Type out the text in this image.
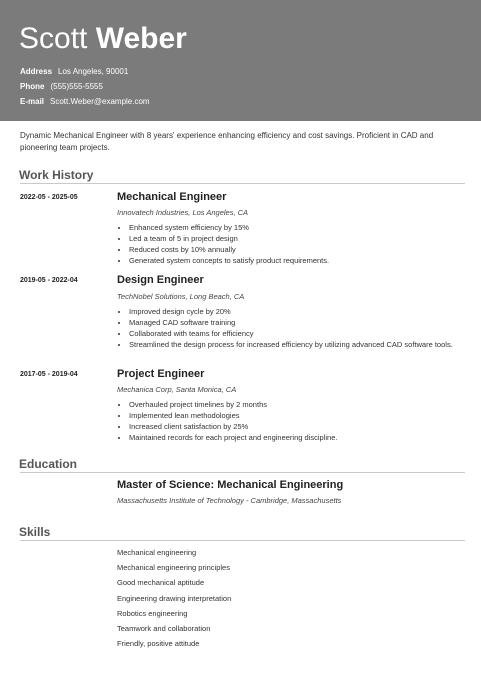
Scott Weber
Address Los Angeles, 90001
Phone (555)555-5555
E-mail Scott.Weber@example.com
Dynamic Mechanical Engineer with 8 years' experience enhancing efficiency and cost savings. Proficient in CAD and pioneering team projects.
Work History
2022-05 - 2025-05	Mechanical Engineer
Innovatech Industries, Los Angeles, CA
• Enhanced system efficiency by 15%
• Led a team of 5 in project design
• Reduced costs by 10% annually
• Generated system concepts to satisfy product requirements.
2019-05 - 2022-04	Design Engineer
TechNobel Solutions, Long Beach, CA
• Improved design cycle by 20%
• Managed CAD software training
• Collaborated with teams for efficiency
• Streamlined the design process for increased efficiency by utilizing advanced CAD software tools.
2017-05 - 2019-04	Project Engineer
Mechanica Corp, Santa Monica, CA
• Overhauled project timelines by 2 months
• Implemented lean methodologies
• Increased client satisfaction by 25%
• Maintained records for each project and engineering discipline.
Education
Master of Science: Mechanical Engineering
Massachusetts Institute of Technology - Cambridge, Massachusetts
Skills
Mechanical engineering
Mechanical engineering principles
Good mechanical aptitude
Engineering drawing interpretation
Robotics engineering
Teamwork and collaboration
Friendly, positive attitude
